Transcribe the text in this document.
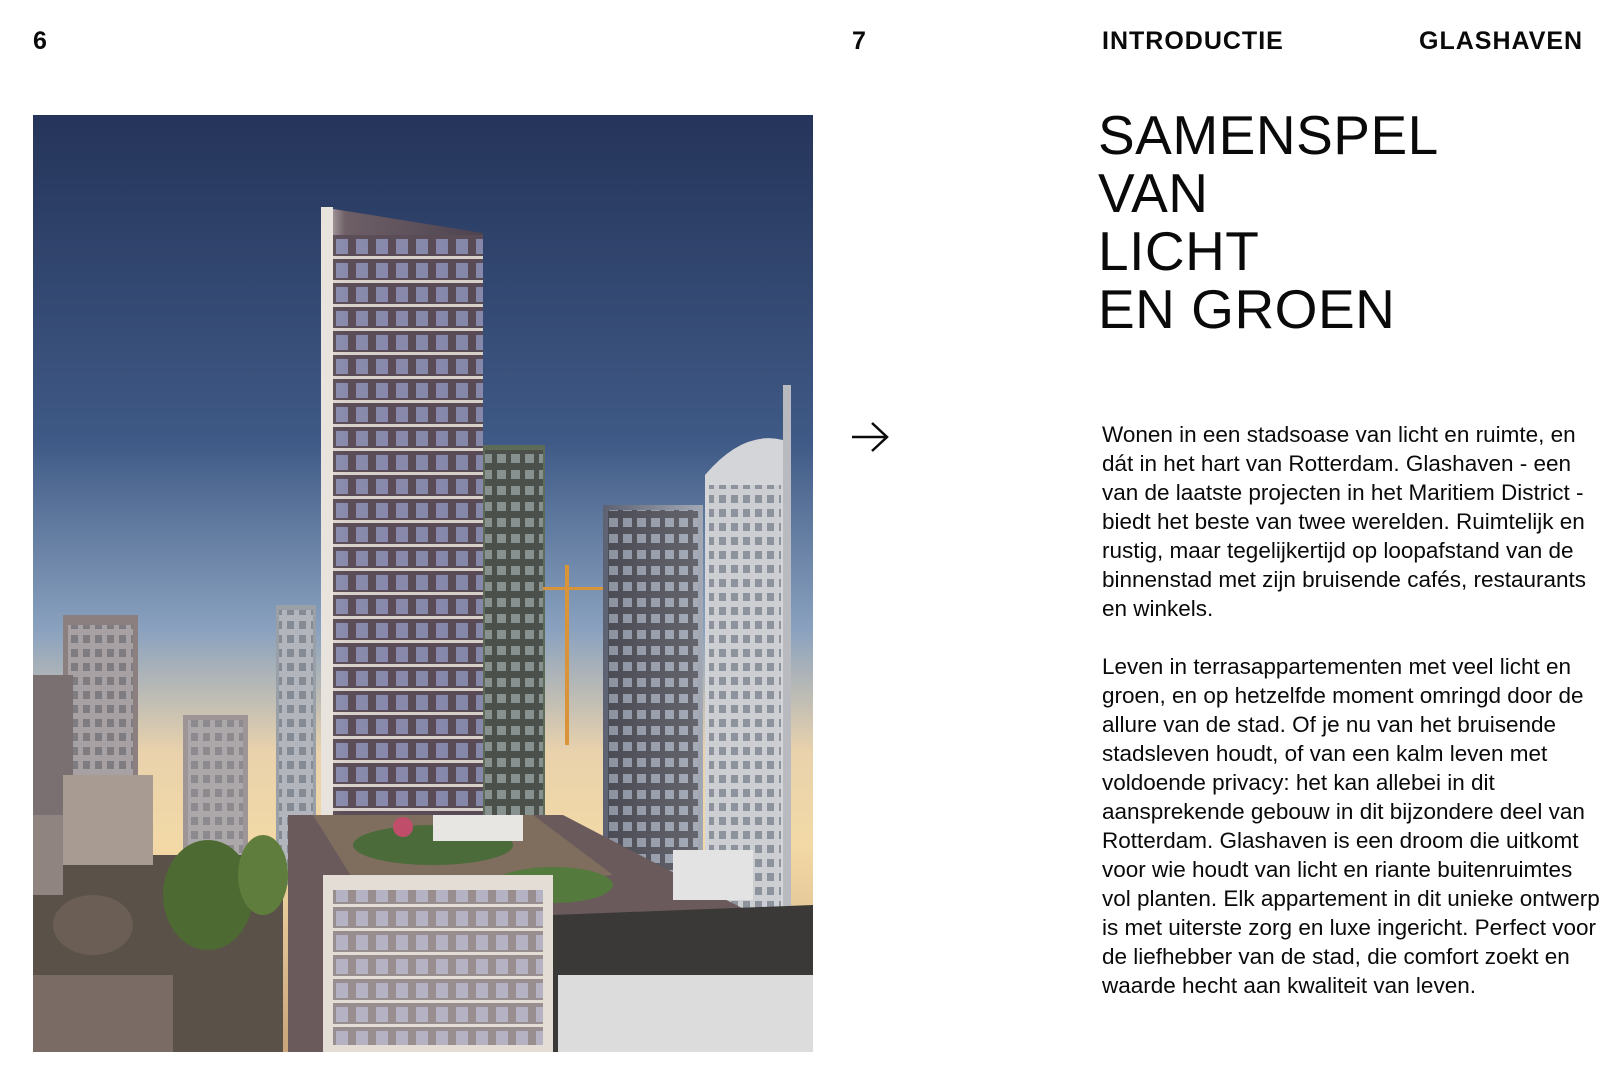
6	7	INTRODUCTIE	GLASHAVEN
SAMENSPEL
VAN
LICHT
EN GROEN

Wonen in een stadsoase van licht en ruimte, en dát in het hart van Rotterdam. Glashaven - een van de laatste projecten in het Maritiem District - biedt het beste van twee werelden. Ruimtelijk en rustig, maar tegelijkertijd op loopafstand van de binnenstad met zijn bruisende cafés, restaurants en winkels.

Leven in terrasappartementen met veel licht en groen, en op hetzelfde moment omringd door de allure van de stad. Of je nu van het bruisende stadsleven houdt, of van een kalm leven met voldoende privacy: het kan allebei in dit aansprekende gebouw in dit bijzondere deel van Rotterdam. Glashaven is een droom die uitkomt voor wie houdt van licht en riante buitenruimtes vol planten. Elk appartement in dit unieke ontwerp is met uiterste zorg en luxe ingericht. Perfect voor de liefhebber van de stad, die comfort zoekt en waarde hecht aan kwaliteit van leven.
